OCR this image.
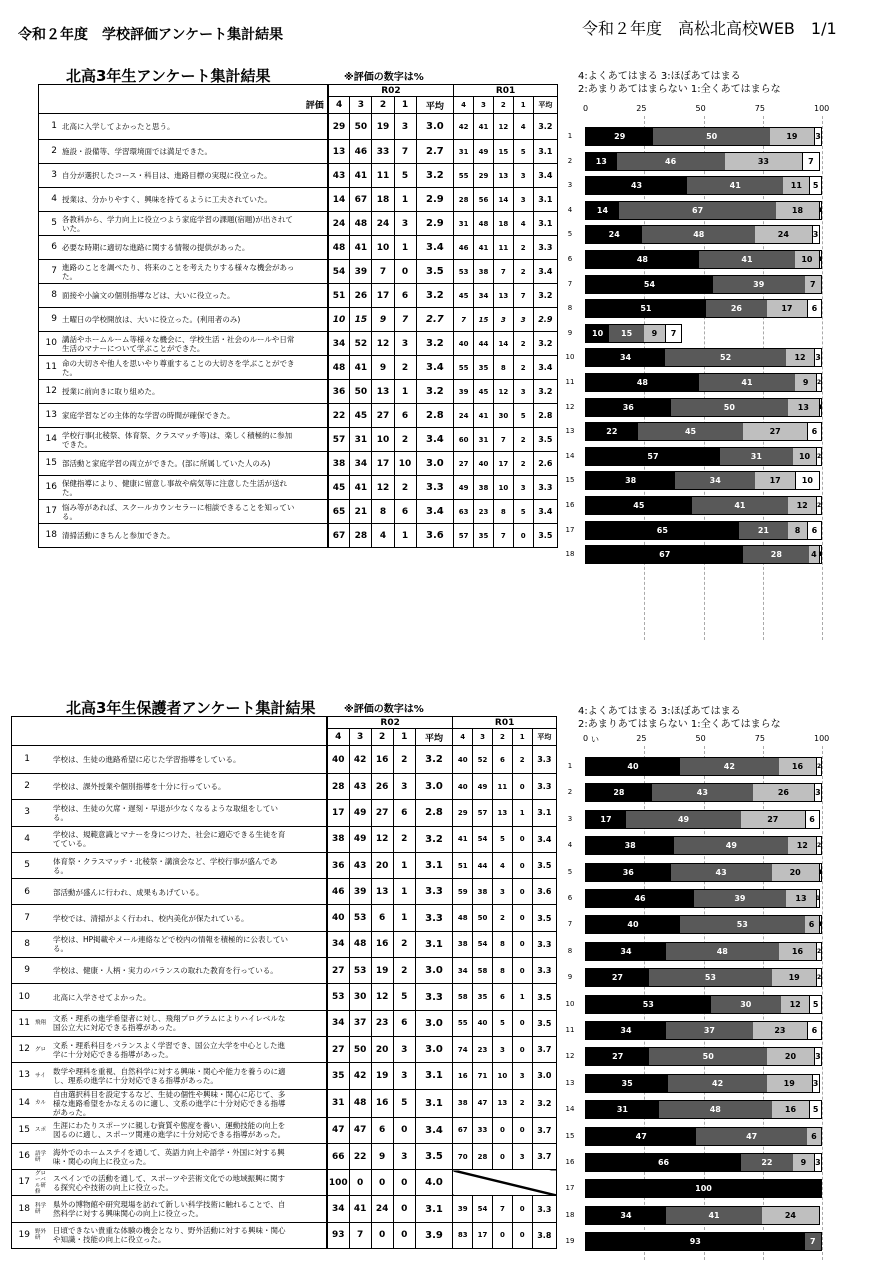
令和２年度　学校評価アンケート集計結果	令和２年度　高松北高校WEB　1/1
北高3年生アンケート集計結果	※評価の数字は%	4:よくあてはまる 3:ほぼあてはまる
2:あまりあてはまらない 1:全くあてはまらな
0	25	50	75	100
	R02					R01				
評価	4	3	2	1	平均	4	3	2	1	平均
1 北高に入学してよかったと思う。	29	50	19	3	3.0	42	41	12	4	3.2
2 施設・設備等、学習環境面では満足できた。	13	46	33	7	2.7	31	49	15	5	3.1
3 自分が選択したコース・科目は、進路目標の実現に役立った。	43	41	11	5	3.2	55	29	13	3	3.4
4 授業は、分かりやすく、興味を持てるように工夫されていた。	14	67	18	1	2.9	28	56	14	3	3.1
5 各教科から、学力向上に役立つよう家庭学習の課題(宿題)が出されていた。	24	48	24	3	2.9	31	48	18	4	3.1
6 必要な時期に適切な進路に関する情報の提供があった。	48	41	10	1	3.4	46	41	11	2	3.3
7 進路のことを調べたり、将来のことを考えたりする様々な機会があった。	54	39	7	0	3.5	53	38	7	2	3.4
8 面接や小論文の個別指導などは、大いに役立った。	51	26	17	6	3.2	45	34	13	7	3.2
9 土曜日の学校開放は、大いに役立った。(利用者のみ)	10	15	9	7	2.7	7	15	3	3	2.9
10 講話やホームルーム等様々な機会に、学校生活・社会のルールや日常生活のマナーについて学ぶことができた。	34	52	12	3	3.2	40	44	14	2	3.2
11 命の大切さや他人を思いやり尊重することの大切さを学ぶことができた。	48	41	9	2	3.4	55	35	8	2	3.4
12 授業に前向きに取り組めた。	36	50	13	1	3.2	39	45	12	3	3.2
13 家庭学習などの主体的な学習の時間が確保できた。	22	45	27	6	2.8	24	41	30	5	2.8
14 学校行事(北稜祭、体育祭、クラスマッチ等)は、楽しく積極的に参加できた。	57	31	10	2	3.4	60	31	7	2	3.5
15 部活動と家庭学習の両立ができた。(部に所属していた人のみ)	38	34	17	10	3.0	27	40	17	2	2.6
16 保健指導により、健康に留意し事故や病気等に注意した生活が送れた。	45	41	12	2	3.3	49	38	10	3	3.3
17 悩み等があれば、スクールカウンセラーに相談できることを知っている。	65	21	8	6	3.4	63	23	8	5	3.4
18 清掃活動にきちんと参加できた。	67	28	4	1	3.6	57	35	7	0	3.5
1	29	50	19	3
2	13	46	33	7
3	43	41	11	5
4	14	67	18	1
5	24	48	24	3
6	48	41	10 1
7	54	39	7
8	51	26	17	6
9	10	15	9	7
10	34	52	12	3
11	48	41	9	2
12	36	50	13	1
13	22	45	27	6
14	57	31	10	2
15	38	34	17	10
16	45	41	12	2
17	65	21	8	6
18	67	28	4 1
北高3年生保護者アンケート集計結果	※評価の数字は%	4:よくあてはまる 3:ほぼあてはまる
2:あまりあてはまらない 1:全くあてはまらな
0	25	50	75	100
い
	R02					R01				
	4	3	2	1	平均	4	3	2	1	平均
1 学校は、生徒の進路希望に応じた学習指導をしている。	40	42	16	2	3.2	40	52	6	2	3.3
2 学校は、課外授業や個別指導を十分に行っている。	28	43	26	3	3.0	40	49	11	0	3.3
3 学校は、生徒の欠席・遅刻・早退が少なくなるような取組をしている。	17	49	27	6	2.8	29	57	13	1	3.1
4 学校は、規範意識とマナーを身につけた、社会に適応できる生徒を育てている。	38	49	12	2	3.2	41	54	5	0	3.4
5 体育祭・クラスマッチ・北稜祭・講演会など、学校行事が盛んである。	36	43	20	1	3.1	51	44	4	0	3.5
6 部活動が盛んに行われ、成果もあげている。	46	39	13	1	3.3	59	38	3	0	3.6
7 学校では、清掃がよく行われ、校内美化が保たれている。	40	53	6	1	3.3	48	50	2	0	3.5
8 学校は、HP掲載やメール連絡などで校内の情報を積極的に公表している。	34	48	16	2	3.1	38	54	8	0	3.3
9 学校は、健康・人柄・実力のバランスの取れた教育を行っている。	27	53	19	2	3.0	34	58	8	0	3.3
10 北高に入学させてよかった。	53	30	12	5	3.3	58	35	6	1	3.5
11 飛翔 文系・理系の進学希望者に対し、飛翔プログラムによりハイレベルな国公立大に対応できる指導があった。	34	37	23	6	3.0	55	40	5	0	3.5
12 グロ 文系・理系科目をバランスよく学習でき、国公立大学を中心とした進学に十分対応できる指導があった。	27	50	20	3	3.0	74	23	3	0	3.7
13 サイ 数学や理科を重視、自然科学に対する興味・関心や能力を養うのに適し、理系の進学に十分対応できる指導があった。	35	42	19	3	3.1	16	71	10	3	3.0
14 カル自由選択科目を設定するなど、生徒の個性や興味・関心に応じて、多様な進路希望をかなえるのに適し、文系の進学に十分対応できる指導があった。	31	48	16	5	3.1	38	47	13	2	3.2
15 スポ 生涯にわたりスポーツに親しむ資質や態度を養い、運動技能の向上を図るのに適し、スポーツ関連の進学に十分対応できる指導があった。	47	47	6	0	3.4	67	33	0	0	3.7
16 語学研海外でのホームステイを通して、英語力向上や語学・外国に対する興味・関心の向上に役立った。	66	22	9	3	3.5	70	28	0	3	3.7
17グローバル研修スペインでの活動を通して、スポーツや芸術文化での地域振興に関する探究心や技術の向上に役立った。	100	0	0	0	4.0					
18 科学研県外の博物館や研究現場を訪れて新しい科学技術に触れることで、自然科学に対する興味関心の向上に役立った。	34	41	24	0	3.1	39	54	7	0	3.3
19 野外研日頃できない貴重な体験の機会となり、野外活動に対する興味・関心や知識・技能の向上に役立った。	93	7	0	0	3.9	83	17	0	0	3.8
1	40	42	16	2
2	28	43	26	3
3	17	49	27	6
4	38	49	12	2
5	36	43	20	1
6	46	39	13	1
7	40	53	6 1
8	34	48	16	2
9	27	53	19	2
10	53	30	12	5
11	34	37	23	6
12	27	50	20	3
13	35	42	19	3
14	31	48	16	5
15	47	47	6
16	66	22	9	3
17	100
18	34	41	24
19	93	7
